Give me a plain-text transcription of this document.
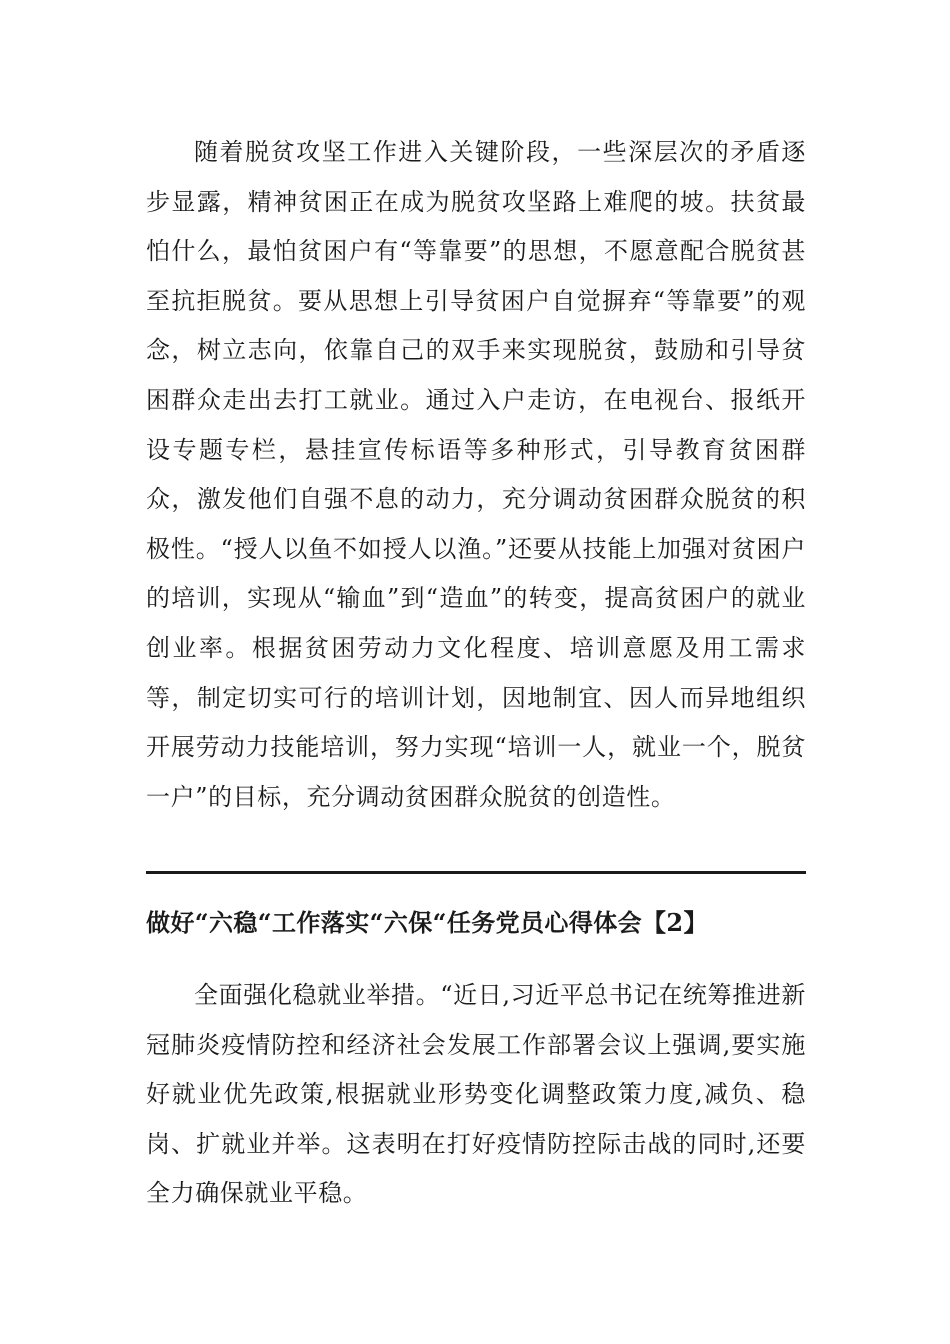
随着脱贫攻坚工作进入关键阶段，一些深层次的矛盾逐步显露，精神贫困正在成为脱贫攻坚路上难爬的坡。扶贫最怕什么，最怕贫困户有“等靠要”的思想，不愿意配合脱贫甚至抗拒脱贫。要从思想上引导贫困户自觉摒弃“等靠要”的观念，树立志向，依靠自己的双手来实现脱贫，鼓励和引导贫困群众走出去打工就业。通过入户走访，在电视台、报纸开设专题专栏，悬挂宣传标语等多种形式，引导教育贫困群众，激发他们自强不息的动力，充分调动贫困群众脱贫的积极性。“授人以鱼不如授人以渔。”还要从技能上加强对贫困户的培训，实现从“输血”到“造血”的转变，提高贫困户的就业创业率。根据贫困劳动力文化程度、培训意愿及用工需求等，制定切实可行的培训计划，因地制宜、因人而异地组织开展劳动力技能培训，努力实现“培训一人，就业一个，脱贫一户”的目标，充分调动贫困群众脱贫的创造性。

做好“六稳“工作落实“六保“任务党员心得体会【2】

全面强化稳就业举措。“近日,习近平总书记在统筹推进新冠肺炎疫情防控和经济社会发展工作部署会议上强调,要实施好就业优先政策,根据就业形势变化调整政策力度,减负、稳岗、扩就业并举。这表明在打好疫情防控际击战的同时,还要全力确保就业平稳。
